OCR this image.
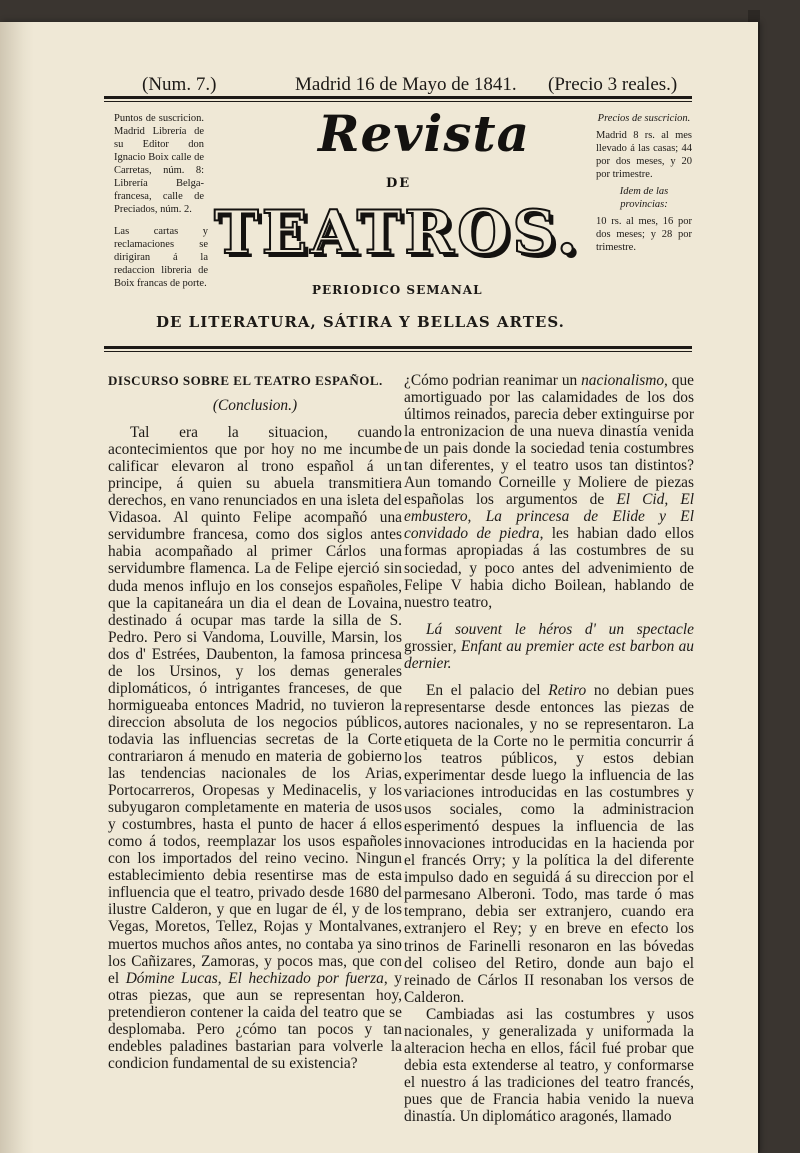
(Num. 7.)	Madrid 16 de Mayo de 1841. (Precio 3 reales.)

Puntos de suscricion. Madrid Librería de su Editor don Ignacio Boix calle de Carretas, núm. 8: Librería Belga-francesa, calle de Preciados, núm. 2.

Las cartas y reclamaciones se dirigiran á la redaccion libreria de Boix francas de porte.

Precios de suscricion.

Madrid 8 rs. al mes llevado á las casas; 44 por dos meses, y 20 por trimestre.

Idem de las provincias:

10 rs. al mes, 16 por dos meses; y 28 por trimestre.

Revista
DE
TEATROS.
PERIODICO SEMANAL
DE LITERATURA, SÁTIRA Y BELLAS ARTES.

DISCURSO SOBRE EL TEATRO ESPAÑOL.

(Conclusion.)

Tal era la situacion, cuando acontecimientos que por hoy no me incumbe calificar elevaron al trono español á un principe, á quien su abuela transmitiera derechos, en vano renunciados en una isleta del Vidasoa. Al quinto Felipe acompañó una servidumbre francesa, como dos siglos antes habia acompañado al primer Cárlos una servidumbre flamenca. La de Felipe ejerció sin duda menos influjo en los consejos españoles, que la capitaneára un dia el dean de Lovaina, destinado á ocupar mas tarde la silla de S. Pedro. Pero si Vandoma, Louville, Marsin, los dos d' Estrées, Daubenton, la famosa princesa de los Ursinos, y los demas generales diplomáticos, ó intrigantes franceses, de que hormigueaba entonces Madrid, no tuvieron la direccion absoluta de los negocios públicos, todavia las influencias secretas de la Corte contrariaron á menudo en materia de gobierno las tendencias nacionales de los Arias, Portocarreros, Oropesas y Medinacelis, y los subyugaron completamente en materia de usos y costumbres, hasta el punto de hacer á ellos como á todos, reemplazar los usos españoles con los importados del reino vecino. Ningun establecimiento debia resentirse mas de esta influencia que el teatro, privado desde 1680 del ilustre Calderon, y que en lugar de él, y de los Vegas, Moretos, Tellez, Rojas y Montalvanes, muertos muchos años antes, no contaba ya sino los Cañizares, Zamoras, y pocos mas, que con el Dómine Lucas, El hechizado por fuerza, y otras piezas, que aun se representan hoy, pretendieron contener la caida del teatro que se desplomaba. Pero ¿cómo tan pocos y tan endebles paladines bastarian para volverle la condicion fundamental de su existencia?

¿Cómo podrian reanimar un nacionalismo, que amortiguado por las calamidades de los dos últimos reinados, parecia deber extinguirse por la entronizacion de una nueva dinastía venida de un pais donde la sociedad tenia costumbres tan diferentes, y el teatro usos tan distintos? Aun tomando Corneille y Moliere de piezas españolas los argumentos de El Cid, El embustero, La princesa de Elide y El convidado de piedra, les habian dado ellos formas apropiadas á las costumbres de su sociedad, y poco antes del advenimiento de Felipe V habia dicho Boilean, hablando de nuestro teatro,

Lá souvent le héros d' un spectacle grossier, Enfant au premier acte est barbon au dernier.

En el palacio del Retiro no debian pues representarse desde entonces las piezas de autores nacionales, y no se representaron. La etiqueta de la Corte no le permitia concurrir á los teatros públicos, y estos debian experimentar desde luego la influencia de las variaciones introducidas en las costumbres y usos sociales, como la administracion esperimentó despues la influencia de las innovaciones introducidas en la hacienda por el francés Orry; y la política la del diferente impulso dado en seguidá á su direccion por el parmesano Alberoni. Todo, mas tarde ó mas temprano, debia ser extranjero, cuando era extranjero el Rey; y en breve en efecto los trinos de Farinelli resonaron en las bóvedas del coliseo del Retiro, donde aun bajo el reinado de Cárlos II resonaban los versos de Calderon.

Cambiadas asi las costumbres y usos nacionales, y generalizada y uniformada la alteracion hecha en ellos, fácil fué probar que debia esta extenderse al teatro, y conformarse el nuestro á las tradiciones del teatro francés, pues que de Francia habia venido la nueva dinastía. Un diplomático aragonés, llamado
